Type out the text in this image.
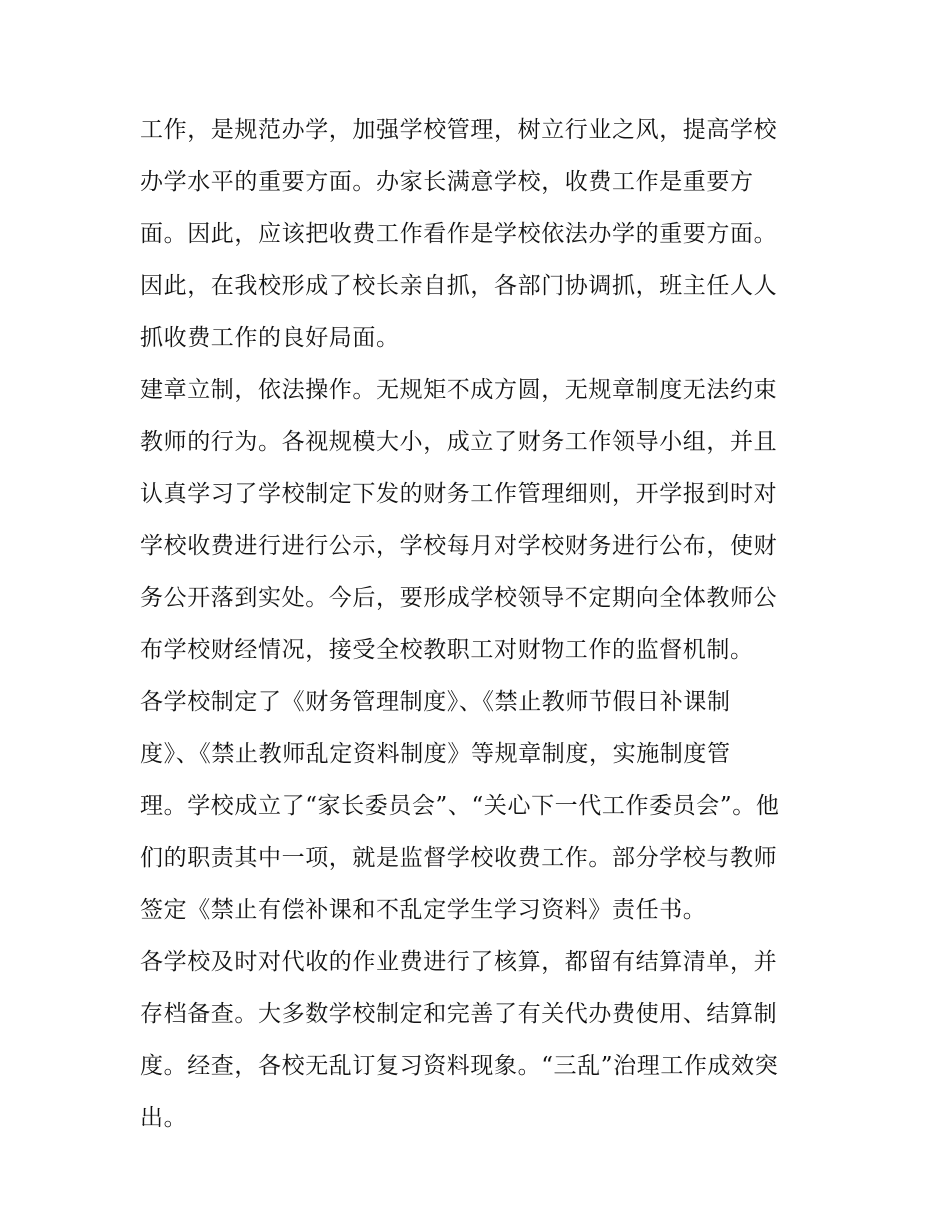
工作，是规范办学，加强学校管理，树立行业之风，提高学校
办学水平的重要方面。办家长满意学校，收费工作是重要方
面。因此，应该把收费工作看作是学校依法办学的重要方面。
因此，在我校形成了校长亲自抓，各部门协调抓，班主任人人
抓收费工作的良好局面。
建章立制，依法操作。无规矩不成方圆，无规章制度无法约束
教师的行为。各视规模大小，成立了财务工作领导小组，并且
认真学习了学校制定下发的财务工作管理细则，开学报到时对
学校收费进行进行公示，学校每月对学校财务进行公布，使财
务公开落到实处。今后，要形成学校领导不定期向全体教师公
布学校财经情况，接受全校教职工对财物工作的监督机制。
各学校制定了《财务管理制度》、《禁止教师节假日补课制
度》、《禁止教师乱定资料制度》等规章制度，实施制度管
理。学校成立了“家长委员会”、“关心下一代工作委员会”。他
们的职责其中一项，就是监督学校收费工作。部分学校与教师
签定《禁止有偿补课和不乱定学生学习资料》责任书。
各学校及时对代收的作业费进行了核算，都留有结算清单，并
存档备查。大多数学校制定和完善了有关代办费使用、结算制
度。经查，各校无乱订复习资料现象。“三乱”治理工作成效突
出。
